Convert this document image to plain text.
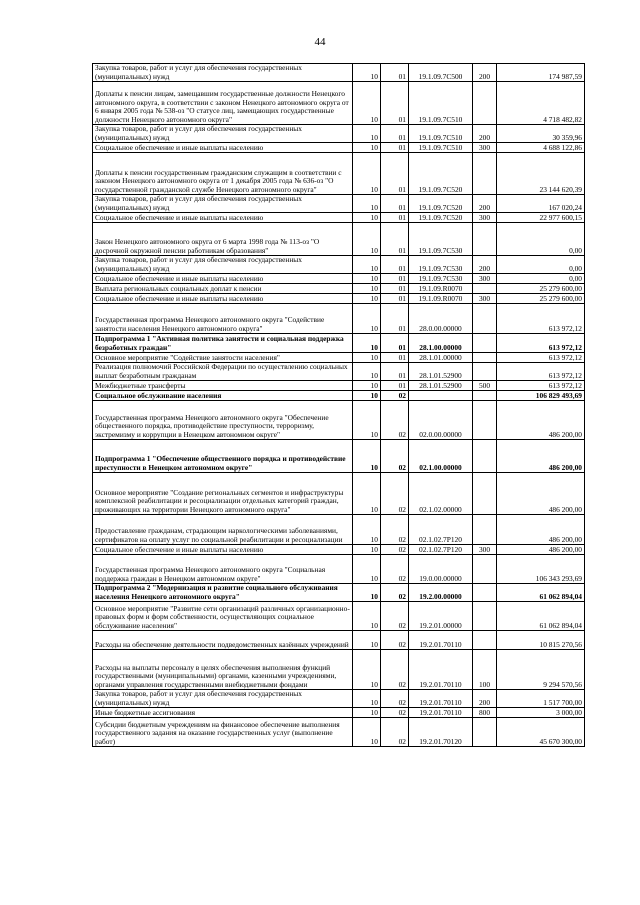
44
Закупка товаров, работ и услуг для обеспечения государственных (муниципальных) нужд	10	01	19.1.09.7C500	200	174 987,59
Доплаты к пенсии лицам, замещавшим государственные должности Ненецкого автономного округа, в соответствии с законом Ненецкого автономного округа от 6 января 2005 года № 538-оз "О статусе лиц, замещающих государственные должности Ненецкого автономного округа"	10	01	19.1.09.7C510		4 718 482,82
Закупка товаров, работ и услуг для обеспечения государственных (муниципальных) нужд	10	01	19.1.09.7C510	200	30 359,96
Социальное обеспечение и иные выплаты населению	10	01	19.1.09.7C510	300	4 688 122,86
Доплаты к пенсии государственным гражданским служащим в соответствии с законом Ненецкого автономного округа от 1 декабря 2005 года № 636-оз "О государственной гражданской службе Ненецкого автономного округа"	10	01	19.1.09.7C520		23 144 620,39
Закупка товаров, работ и услуг для обеспечения государственных (муниципальных) нужд	10	01	19.1.09.7C520	200	167 020,24
Социальное обеспечение и иные выплаты населению	10	01	19.1.09.7C520	300	22 977 600,15
Закон Ненецкого автономного округа от 6 марта 1998 года № 113-оз "О досрочной окружной пенсии работникам образования"	10	01	19.1.09.7C530		0,00
Закупка товаров, работ и услуг для обеспечения государственных (муниципальных) нужд	10	01	19.1.09.7C530	200	0,00
Социальное обеспечение и иные выплаты населению	10	01	19.1.09.7C530	300	0,00
Выплата региональных социальных доплат к пенсии	10	01	19.1.09.R0070		25 279 600,00
Социальное обеспечение и иные выплаты населению	10	01	19.1.09.R0070	300	25 279 600,00
Государственная программа Ненецкого автономного округа "Содействие занятости населения Ненецкого автономного округа"	10	01	28.0.00.00000		613 972,12
Подпрограмма 1 "Активная политика занятости и социальная поддержка безработных граждан"	10	01	28.1.00.00000		613 972,12
Основное мероприятие "Содействие занятости населения"	10	01	28.1.01.00000		613 972,12
Реализация полномочий Российской Федерации по осуществлению социальных выплат безработным гражданам	10	01	28.1.01.52900		613 972,12
Межбюджетные трансферты	10	01	28.1.01.52900	500	613 972,12
Социальное обслуживание населения	10	02			106 829 493,69
Государственная программа Ненецкого автономного округа "Обеспечение общественного порядка, противодействие преступности, терроризму, экстремизму и коррупции в Ненецком автономном округе"	10	02	02.0.00.00000		486 200,00
Подпрограмма 1 "Обеспечение общественного порядка и противодействие преступности в Ненецком автономном округе"	10	02	02.1.00.00000		486 200,00
Основное мероприятие "Создание региональных сегментов и инфраструктуры комплексной реабилитации и ресоциализации отдельных категорий граждан, проживающих на территории Ненецкого автономного округа"	10	02	02.1.02.00000		486 200,00
Предоставление гражданам, страдающим наркологическими заболеваниями, сертификатов на оплату услуг по социальной реабилитации и ресоциализации	10	02	02.1.02.7P120		486 200,00
Социальное обеспечение и иные выплаты населению	10	02	02.1.02.7P120	300	486 200,00
Государственная программа Ненецкого автономного округа "Социальная поддержка граждан в Ненецком автономном округе"	10	02	19.0.00.00000		106 343 293,69
Подпрограмма 2 "Модернизация и развитие социального обслуживания населения Ненецкого автономного округа"	10	02	19.2.00.00000		61 062 894,04
Основное мероприятие "Развитие сети организаций различных организационно-правовых форм и форм собственности, осуществляющих социальное обслуживание населения"	10	02	19.2.01.00000		61 062 894,04
Расходы на обеспечение деятельности подведомственных казённых учреждений	10	02	19.2.01.70110		10 815 270,56
Расходы на выплаты персоналу в целях обеспечения выполнения функций государственными (муниципальными) органами, казенными учреждениями, органами управления государственными внебюджетными фондами	10	02	19.2.01.70110	100	9 294 570,56
Закупка товаров, работ и услуг для обеспечения государственных (муниципальных) нужд	10	02	19.2.01.70110	200	1 517 700,00
Иные бюджетные ассигнования	10	02	19.2.01.70110	800	3 000,00
Субсидии бюджетным учреждениям на финансовое обеспечение выполнения государственного задания на оказание государственных услуг (выполнение работ)	10	02	19.2.01.70120		45 670 300,00
